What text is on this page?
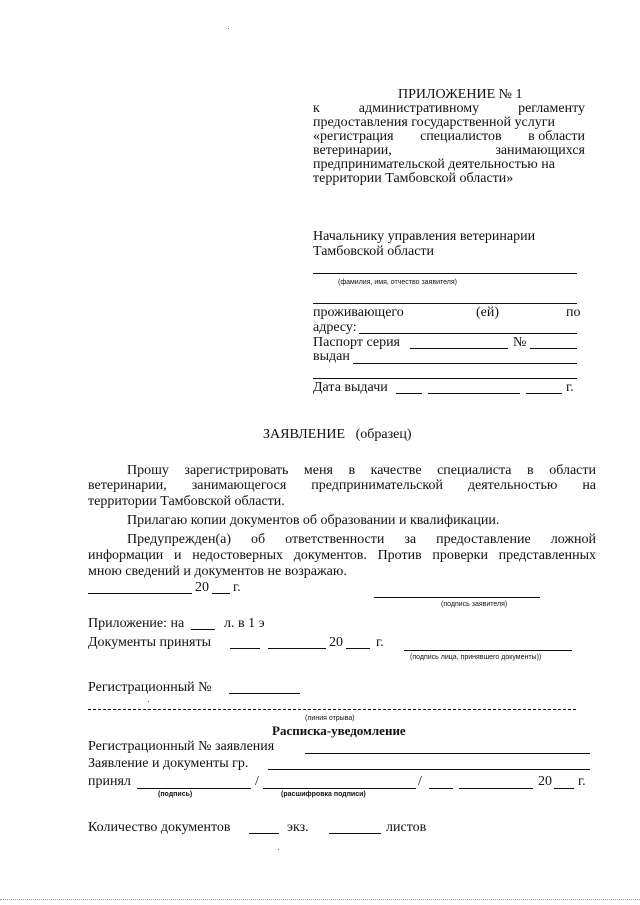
ПРИЛОЖЕНИЕ № 1
к	административному	регламенту
предоставления государственной услуги
«регистрация специалистов в области
ветеринарии,	занимающихся
предпринимательской деятельностью на
территории Тамбовской области»
Начальнику управления ветеринарии
Тамбовской области
(фамилия, имя, отчество заявителя)
проживающего	(ей)	по
адресу:
Паспорт серия	№
выдан
Дата выдачи	г.
ЗАЯВЛЕНИЕ   (образец)
Прошу зарегистрировать меня в качестве специалиста в области
ветеринарии, занимающегося предпринимательской деятельностью на
территории Тамбовской области.
Прилагаю копии документов об образовании и квалификации.
Предупрежден(а) об ответственности за предоставление ложной
информации и недостоверных документов. Против проверки представленных
мною сведений и документов не возражаю.
20 г.
(подпись заявителя)
Приложение: на	л. в 1 э
Документы приняты	20 г.
(подпись лица, принявшего документы))
Регистрационный №
(линия отрыва)
Расписка-уведомление
Регистрационный № заявления
Заявление и документы гр.
принял	/	/	20 г.
(подпись)	(расшифровка подписи)
Количество документов	экз.	листов
